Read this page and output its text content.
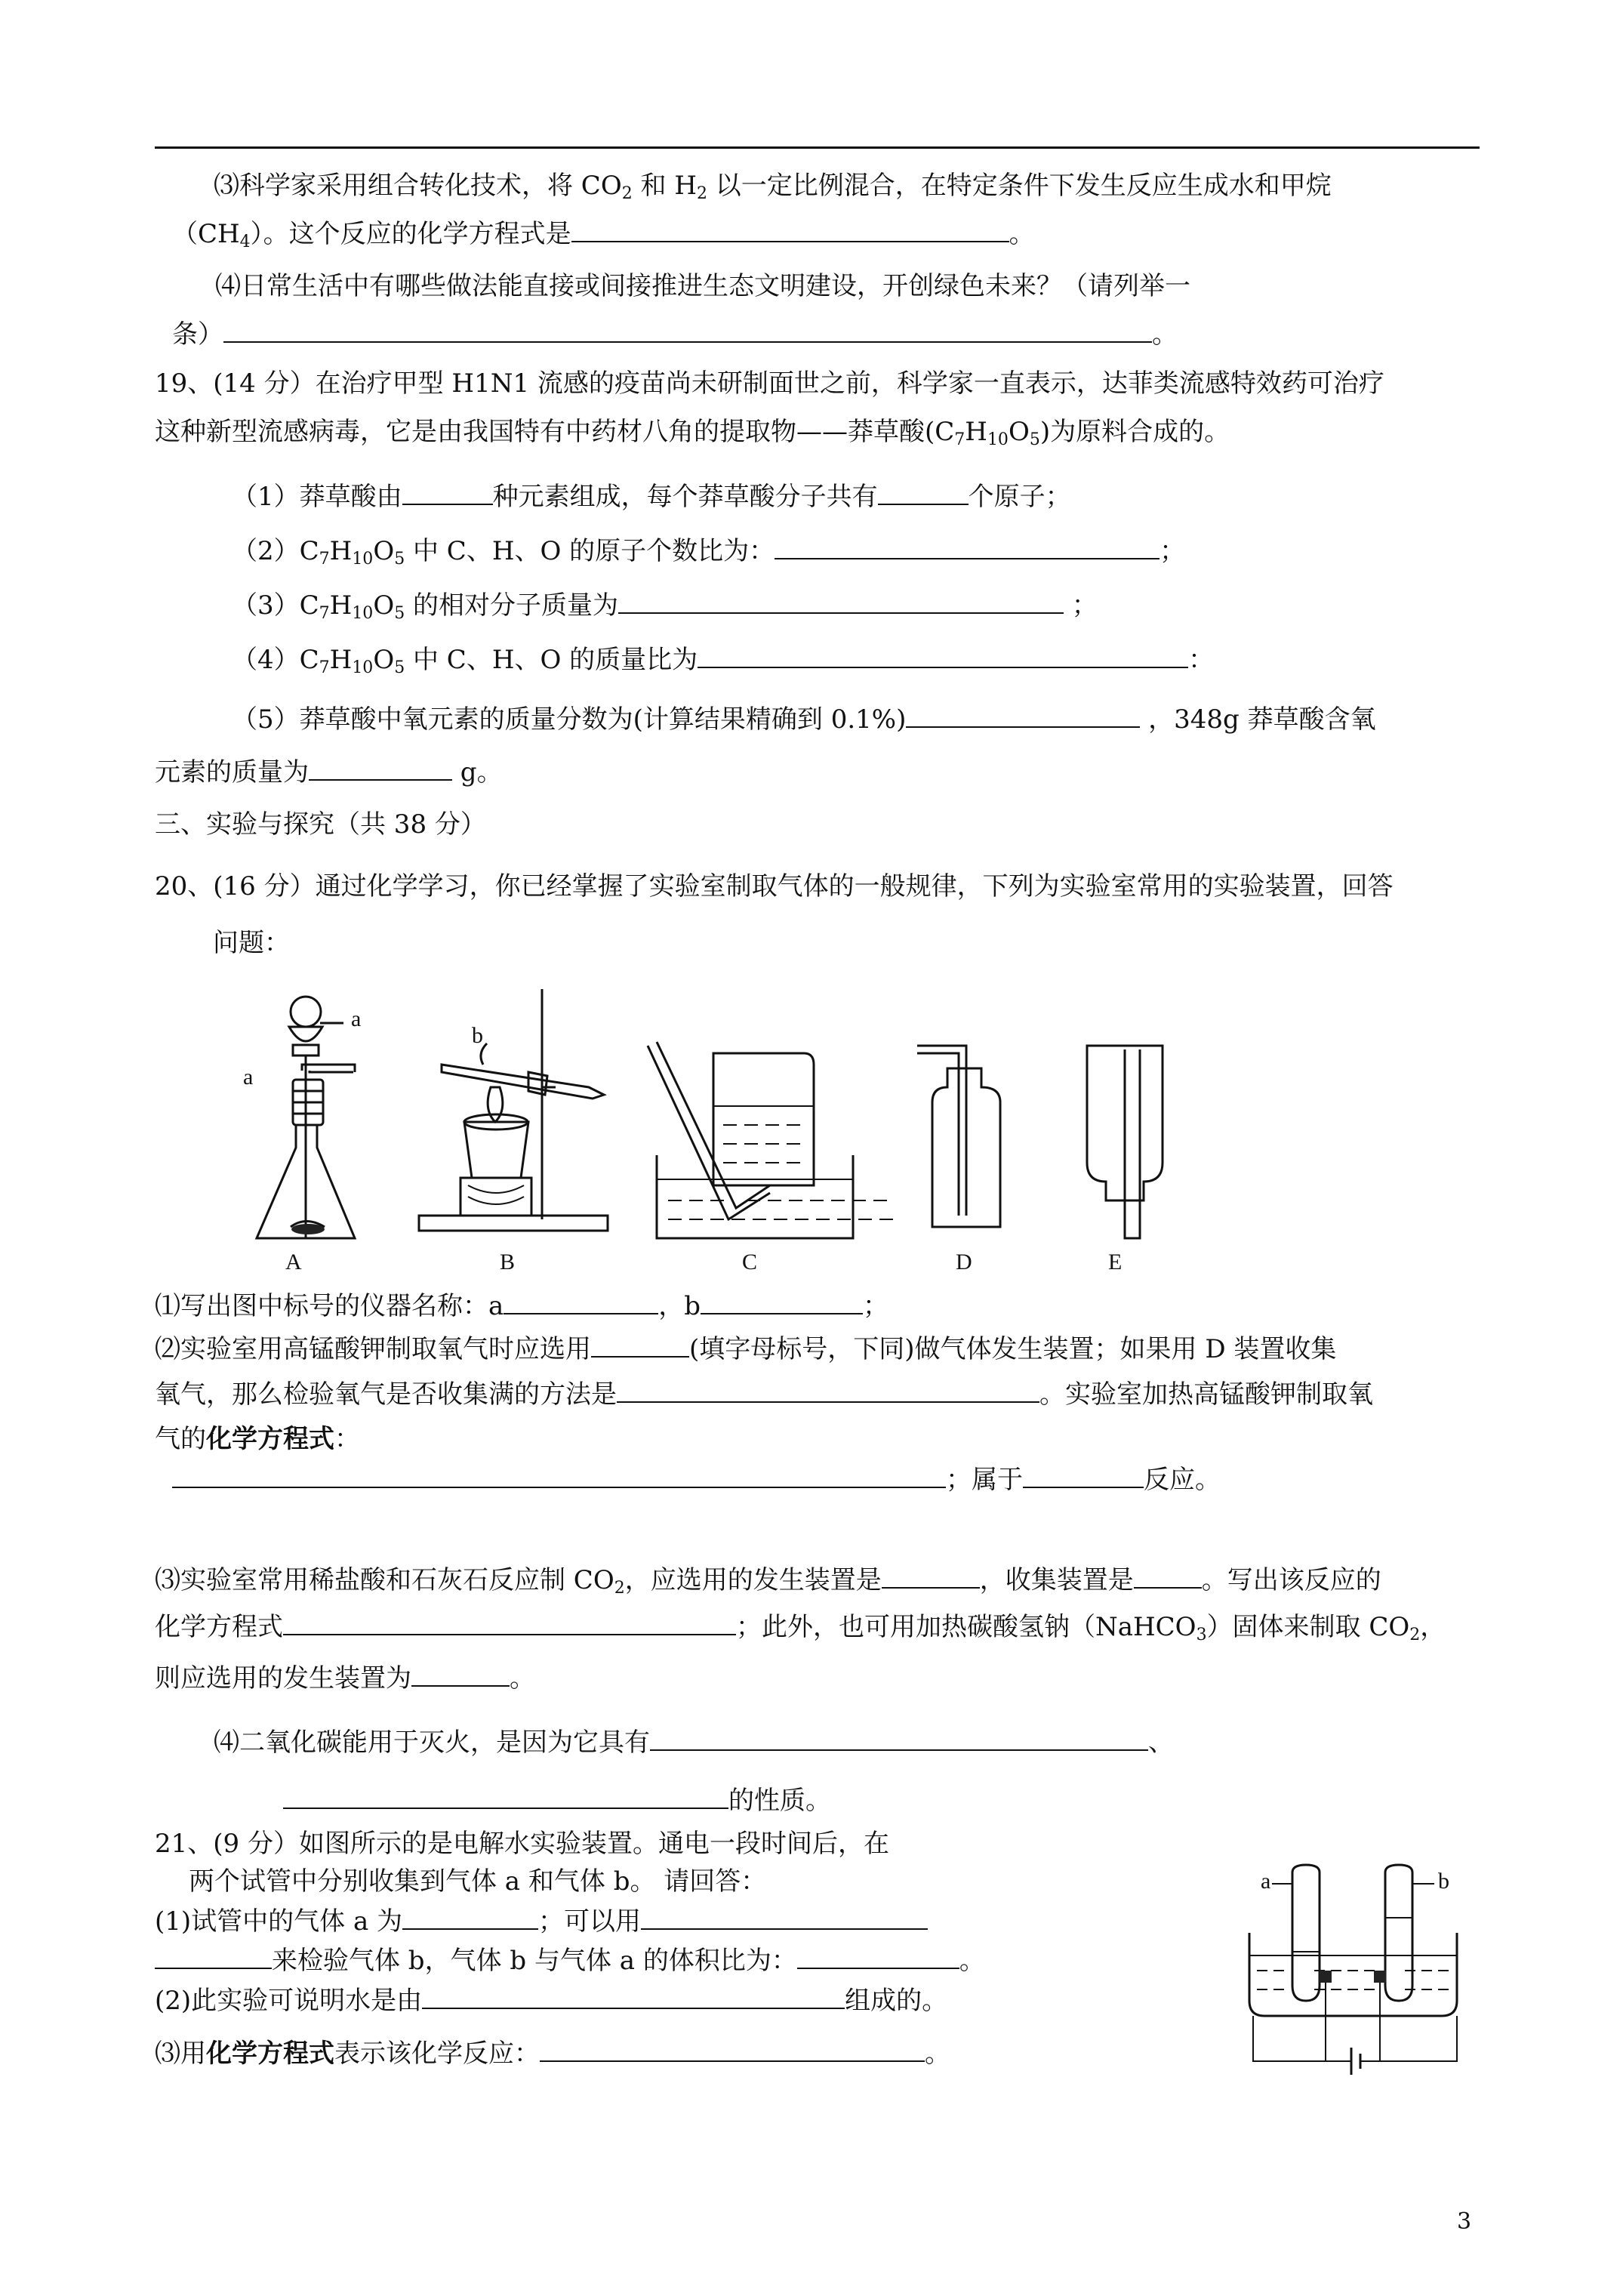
⑶科学家采用组合转化技术，将 $CO_2$ 和 $H_2$ 以一定比例混合，在特定条件下发生反应生成水和甲烷
$(CH_4)$。这个反应的化学方程式是	。
⑷日常生活中有哪些做法能直接或间接推进生态文明建设，开创绿色未来？（请列举一
条）	。
19、(14 分）在治疗甲型 H1N1 流感的疫苗尚未研制面世之前，科学家一直表示，达菲类流感特效药可治疗
这种新型流感病毒，它是由我国特有中药材八角的提取物——莽草酸$(C_7H_{10}O_5)$为原料合成的。
（1）莽草酸由	种元素组成，每个莽草酸分子共有	个原子；
$(2)C_7H_{10}O_5$ 中 C、H、O 的原子个数比为：	；
$(3)C_7H_{10}O_5$ 的相对分子质量为	；
$(4)C_7H_{10}O_5$ 中 C、H、O 的质量比为	：
（5）莽草酸中氧元素的质量分数为(计算结果精确到 0.1%)	，348g 莽草酸含氧
元素的质量为	g。
三、实验与探究（共 38 分）
20、(16 分）通过化学学习，你已经掌握了实验室制取气体的一般规律，下列为实验室常用的实验装置，回答
问题：
a
a
b
A	B	C	D	E
⑴写出图中标号的仪器名称：a	，b	；
⑵实验室用高锰酸钾制取氧气时应选用	(填字母标号，下同)做气体发生装置；如果用 D 装置收集
氧气，那么检验氧气是否收集满的方法是	。实验室加热高锰酸钾制取氧
气的化学方程式：
；属于	反应。
⑶实验室常用稀盐酸和石灰石反应制 $CO_2$，应选用的发生装置是	，收集装置是	。写出该反应的
化学方程式	；此外，也可用加热碳酸氢钠（NaHCO$_3$）固体来制取 $CO_2$，
则应选用的发生装置为	。
⑷二氧化碳能用于灭火，是因为它具有	、
的性质。
21、(9 分）如图所示的是电解水实验装置。通电一段时间后，在
两个试管中分别收集到气体 a 和气体 b。 请回答：
(1)试管中的气体 a 为	；可以用
来检验气体 b，气体 b 与气体 a 的体积比为：	。
(2)此实验可说明水是由	组成的。
⑶用化学方程式表示该化学反应：	。
a	b
3
